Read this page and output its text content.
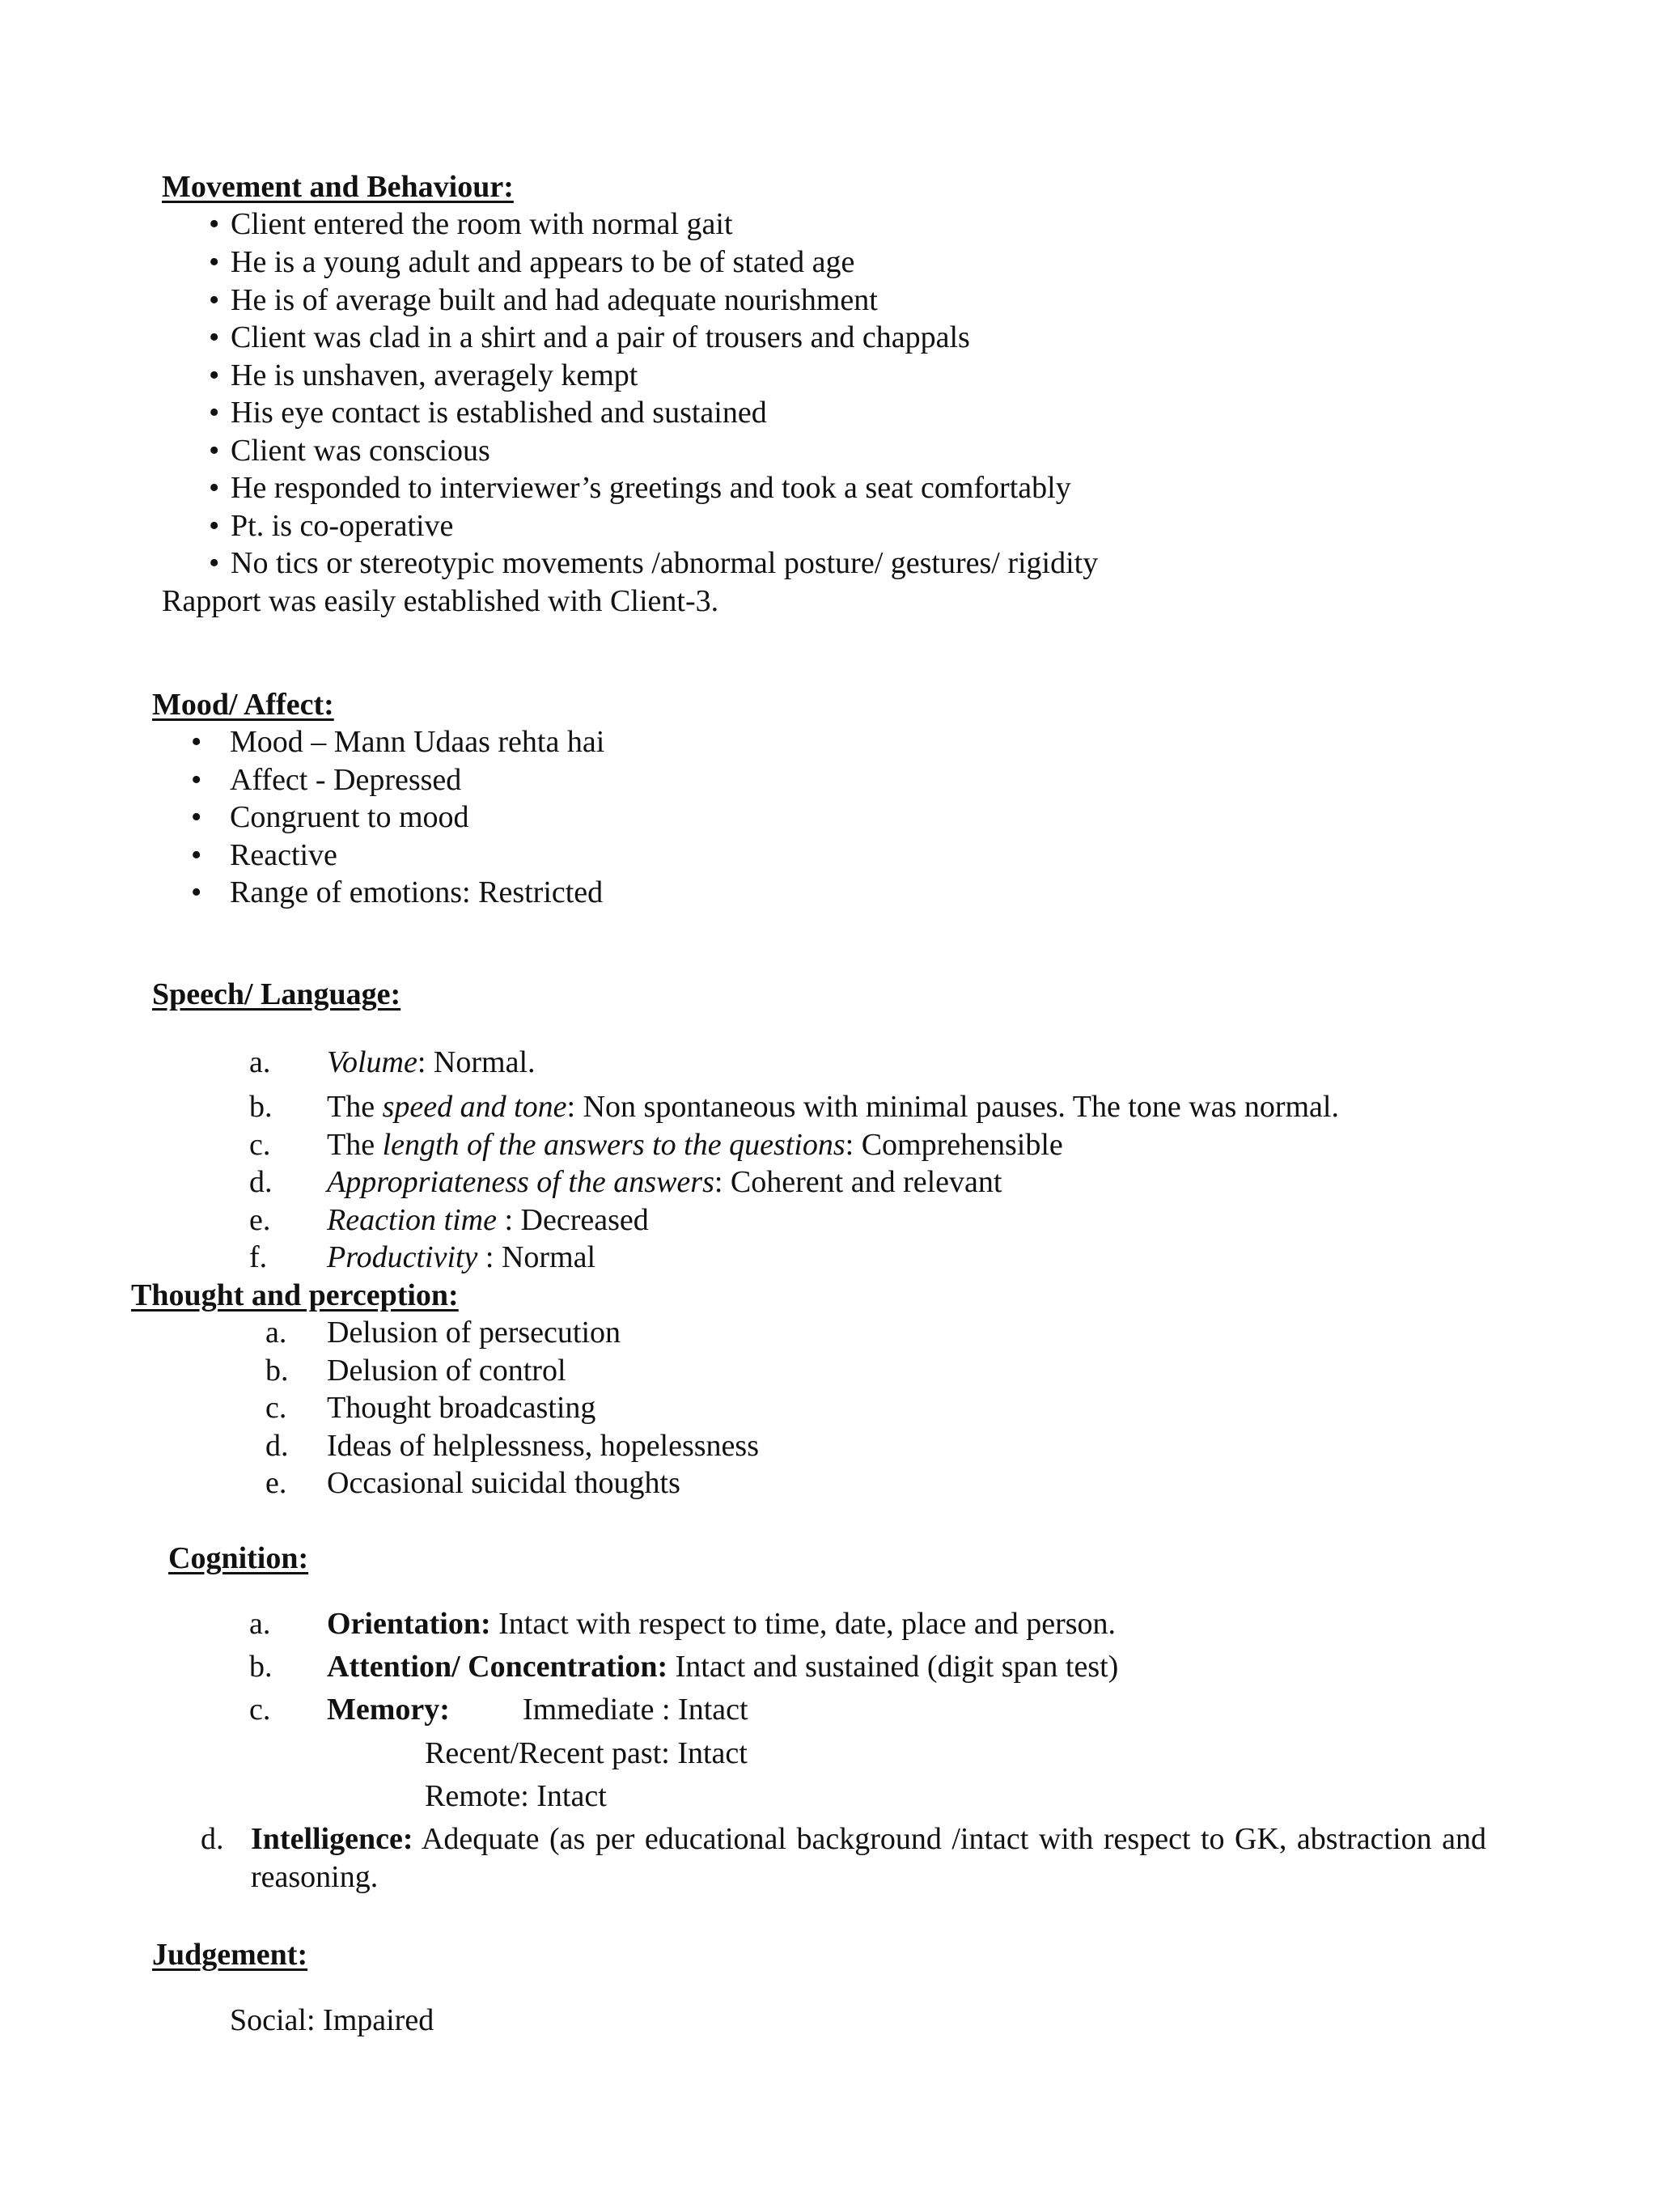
Movement and Behaviour:
• Client entered the room with normal gait
• He is a young adult and appears to be of stated age
• He is of average built and had adequate nourishment
• Client was clad in a shirt and a pair of trousers and chappals
• He is unshaven, averagely kempt
• His eye contact is established and sustained
• Client was conscious
• He responded to interviewer’s greetings and took a seat comfortably
• Pt. is co-operative
• No tics or stereotypic movements /abnormal posture/ gestures/ rigidity
Rapport was easily established with Client-3.
Mood/ Affect:
• Mood – Mann Udaas rehta hai
• Affect - Depressed
• Congruent to mood
• Reactive
• Range of emotions: Restricted
Speech/ Language:
a. Volume: Normal.
b. The speed and tone: Non spontaneous with minimal pauses. The tone was normal.
c. The length of the answers to the questions: Comprehensible
d. Appropriateness of the answers: Coherent and relevant
e. Reaction time : Decreased
f. Productivity : Normal
Thought and perception:
a. Delusion of persecution
b. Delusion of control
c. Thought broadcasting
d. Ideas of helplessness, hopelessness
e. Occasional suicidal thoughts
Cognition:
a. Orientation: Intact with respect to time, date, place and person.
b. Attention/ Concentration: Intact and sustained (digit span test)
c. Memory: Immediate : Intact
Recent/Recent past: Intact
Remote: Intact
d. Intelligence: Adequate (as per educational background /intact with respect to GK, abstraction and
reasoning.
Judgement:
Social: Impaired
